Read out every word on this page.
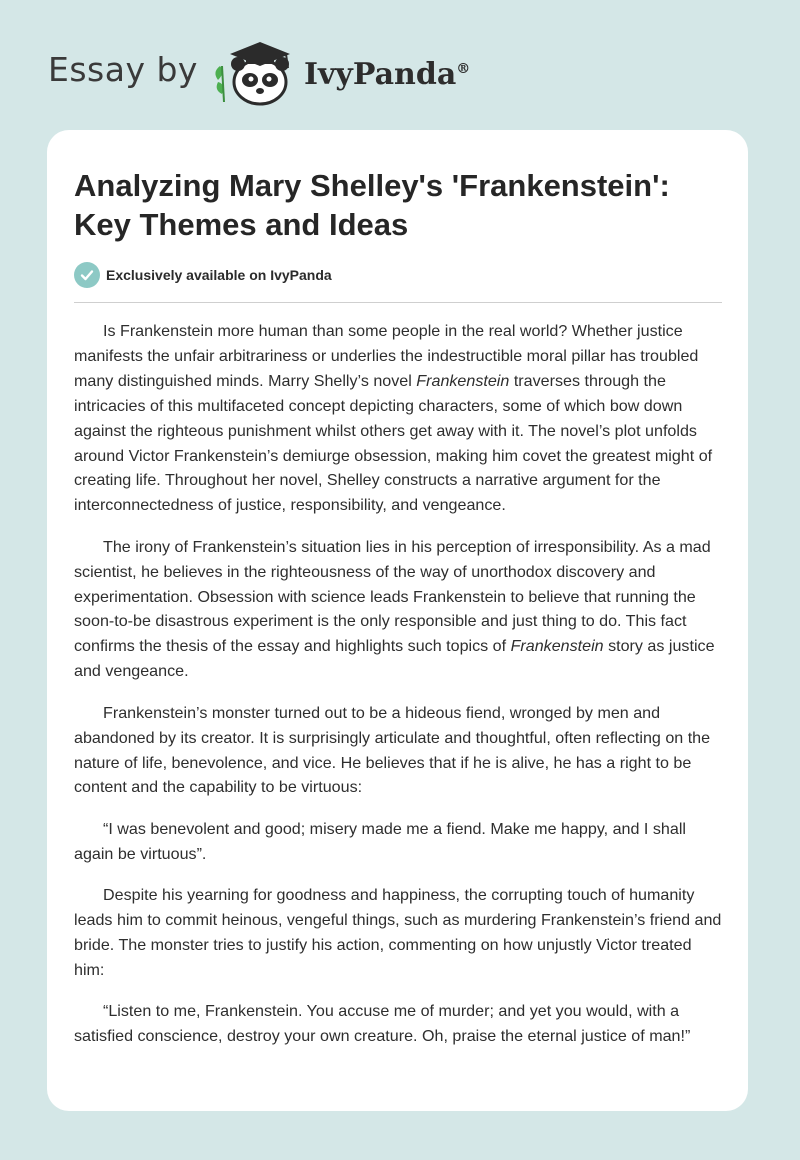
Essay by	IvyPanda®
Analyzing Mary Shelley's 'Frankenstein':
Key Themes and Ideas
Exclusively available on IvyPanda

Is Frankenstein more human than some people in the real world? Whether justice manifests the unfair arbitrariness or underlies the indestructible moral pillar has troubled many distinguished minds. Marry Shelly’s novel Frankenstein traverses through the intricacies of this multifaceted concept depicting characters, some of which bow down against the righteous punishment whilst others get away with it. The novel’s plot unfolds around Victor Frankenstein’s demiurge obsession, making him covet the greatest might of creating life. Throughout her novel, Shelley constructs a narrative argument for the interconnectedness of justice, responsibility, and vengeance.

The irony of Frankenstein’s situation lies in his perception of irresponsibility. As a mad scientist, he believes in the righteousness of the way of unorthodox discovery and experimentation. Obsession with science leads Frankenstein to believe that running the soon-to-be disastrous experiment is the only responsible and just thing to do. This fact confirms the thesis of the essay and highlights such topics of Frankenstein story as justice and vengeance.

Frankenstein’s monster turned out to be a hideous fiend, wronged by men and abandoned by its creator. It is surprisingly articulate and thoughtful, often reflecting on the nature of life, benevolence, and vice. He believes that if he is alive, he has a right to be content and the capability to be virtuous:

“I was benevolent and good; misery made me a fiend. Make me happy, and I shall again be virtuous”.

Despite his yearning for goodness and happiness, the corrupting touch of humanity leads him to commit heinous, vengeful things, such as murdering Frankenstein’s friend and bride. The monster tries to justify his action, commenting on how unjustly Victor treated him:

“Listen to me, Frankenstein. You accuse me of murder; and yet you would, with a satisfied conscience, destroy your own creature. Oh, praise the eternal justice of man!”
